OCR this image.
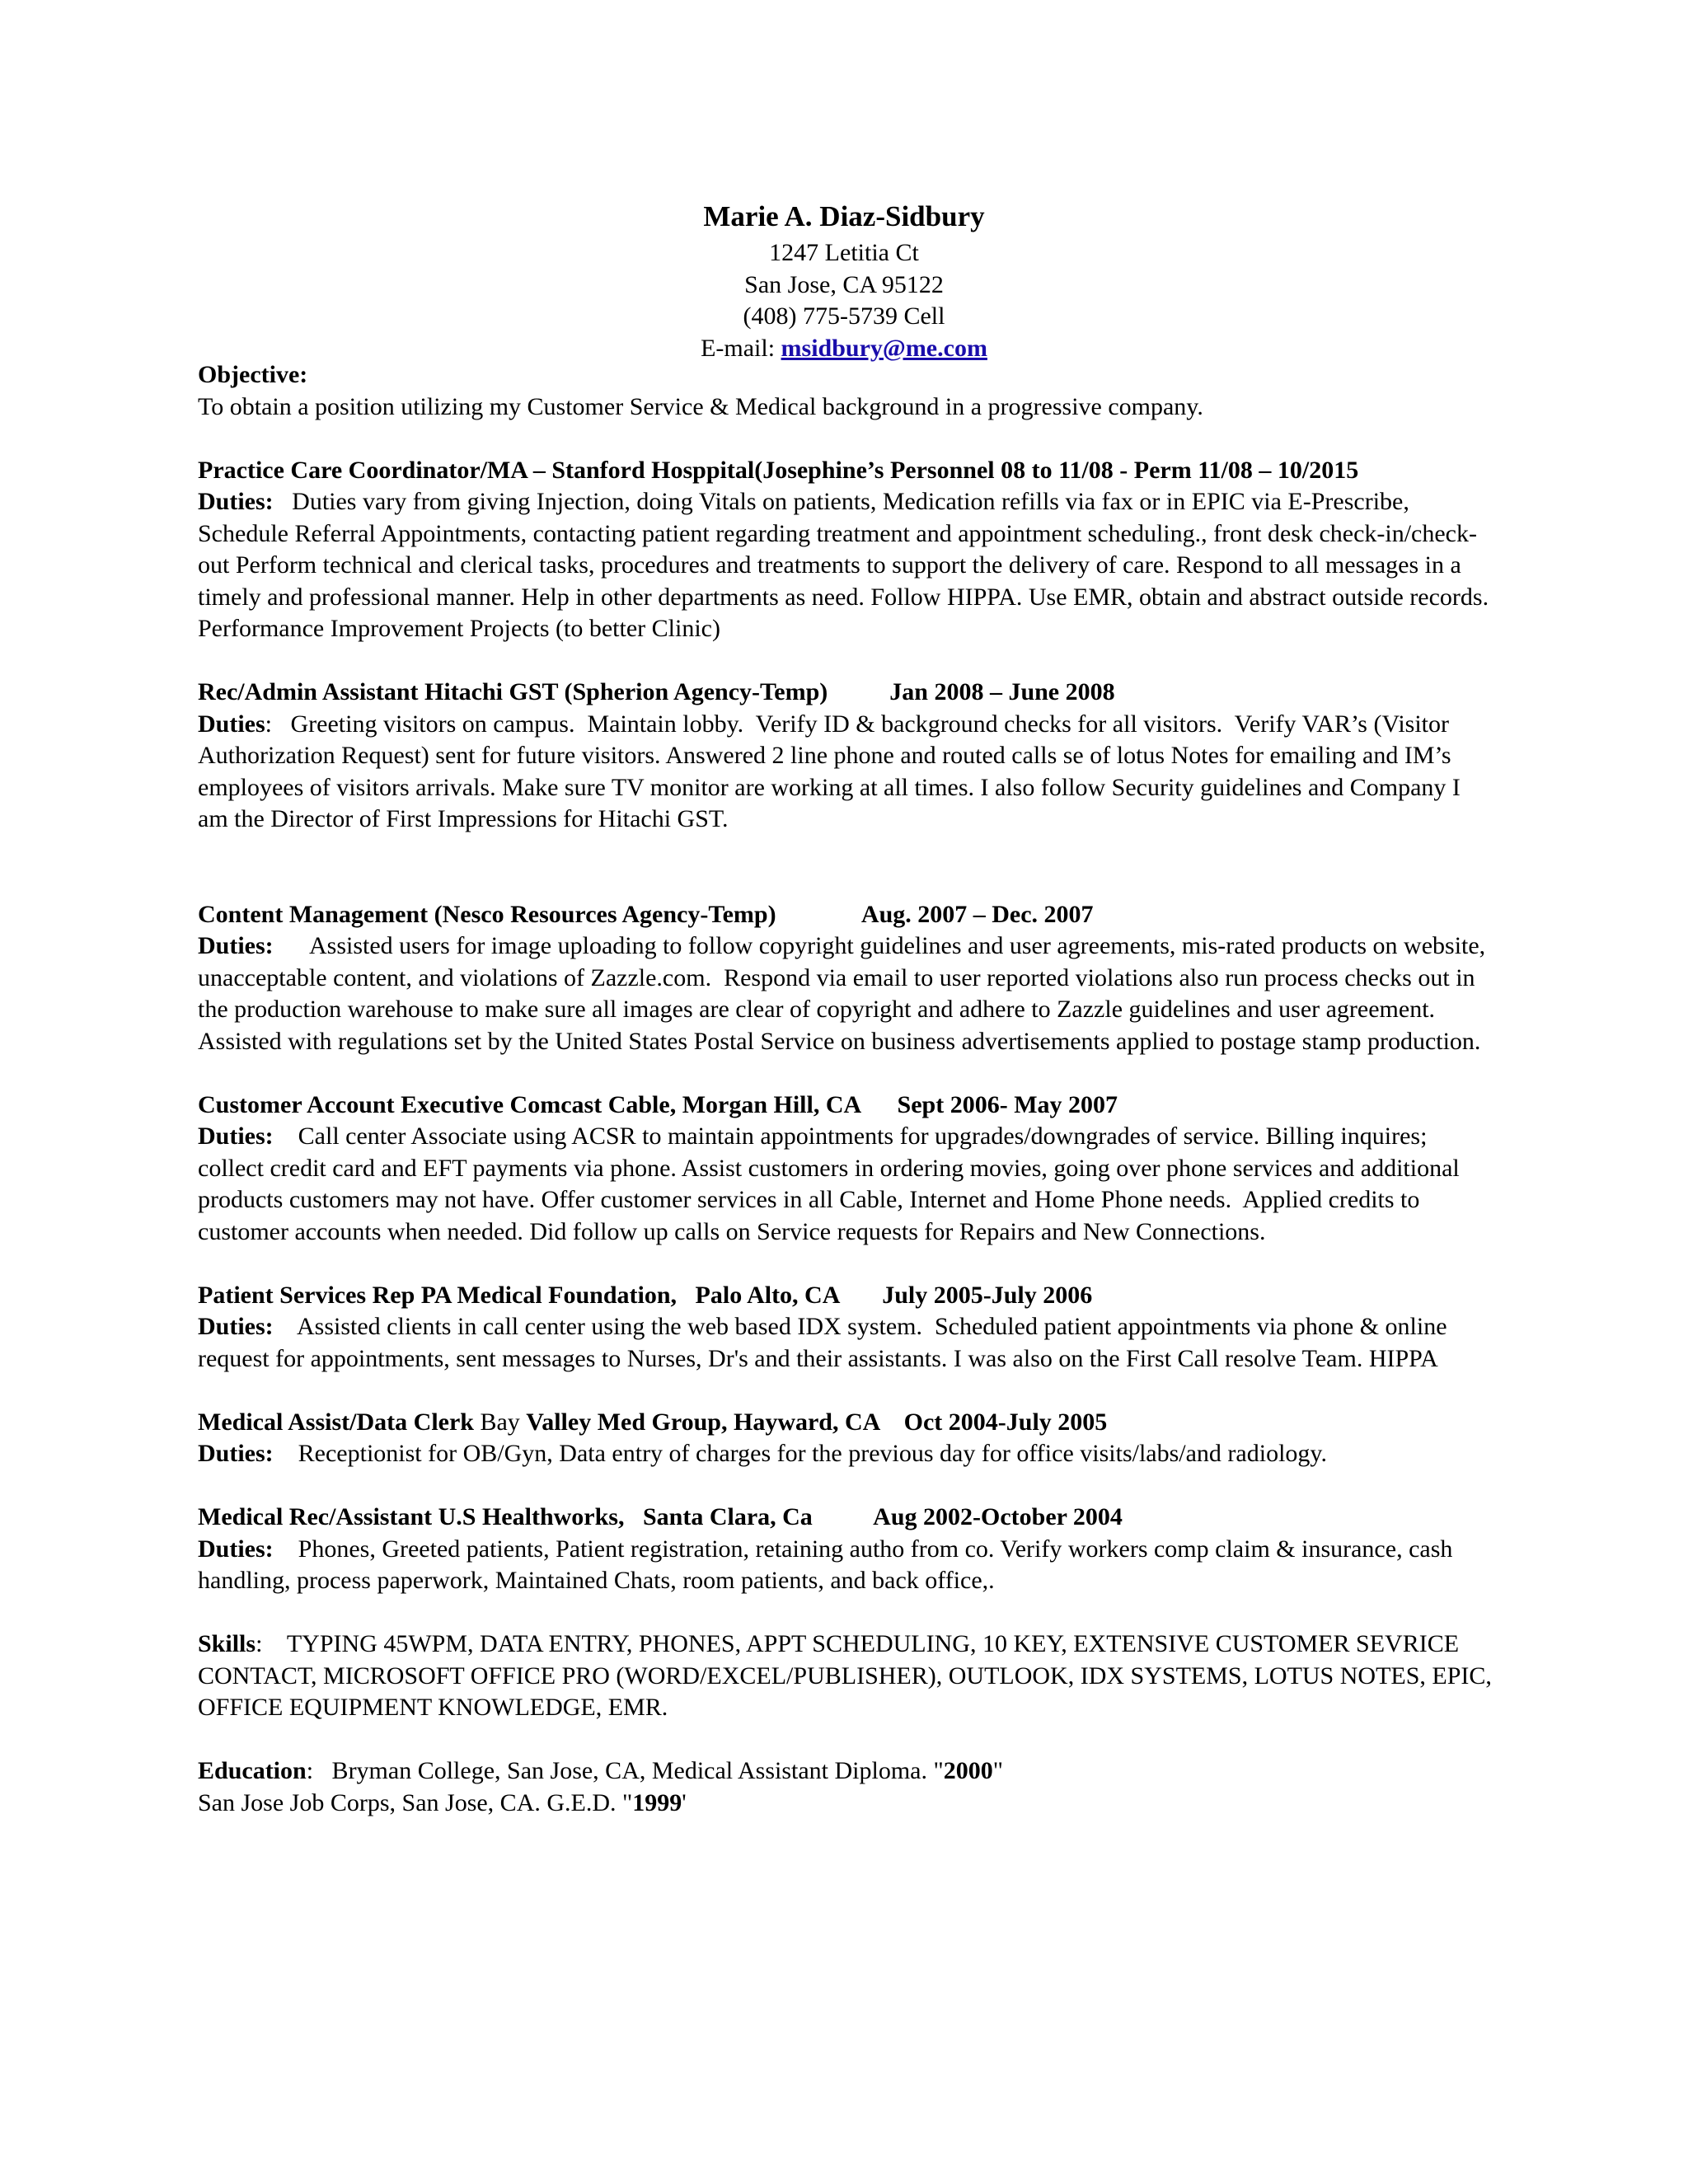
Marie A. Diaz-Sidbury
1247 Letitia Ct
San Jose, CA 95122
(408) 775-5739 Cell
E-mail: msidbury@me.com

Objective:

To obtain a position utilizing my Customer Service & Medical background in a progressive company.

Practice Care Coordinator/MA – Stanford Hosppital(Josephine’s Personnel 08 to 11/08 - Perm 11/08 – 10/2015

Duties:   Duties vary from giving Injection, doing Vitals on patients, Medication refills via fax or in EPIC via E-Prescribe, Schedule Referral Appointments, contacting patient regarding treatment and appointment scheduling., front desk check-in/check-out Perform technical and clerical tasks, procedures and treatments to support the delivery of care. Respond to all messages in a timely and professional manner. Help in other departments as need. Follow HIPPA. Use EMR, obtain and abstract outside records. Performance Improvement Projects (to better Clinic)

Rec/Admin Assistant Hitachi GST (Spherion Agency-Temp)          Jan 2008 – June 2008

Duties:   Greeting visitors on campus.  Maintain lobby.  Verify ID & background checks for all visitors.  Verify VAR’s (Visitor Authorization Request) sent for future visitors. Answered 2 line phone and routed calls se of lotus Notes for emailing and IM’s employees of visitors arrivals. Make sure TV monitor are working at all times. I also follow Security guidelines and Company I am the Director of First Impressions for Hitachi GST.

Content Management (Nesco Resources Agency-Temp)              Aug. 2007 – Dec. 2007

Duties:      Assisted users for image uploading to follow copyright guidelines and user agreements, mis-rated products on website, unacceptable content, and violations of Zazzle.com.  Respond via email to user reported violations also run process checks out in the production warehouse to make sure all images are clear of copyright and adhere to Zazzle guidelines and user agreement.  Assisted with regulations set by the United States Postal Service on business advertisements applied to postage stamp production.

Customer Account Executive Comcast Cable, Morgan Hill, CA      Sept 2006- May 2007

Duties:    Call center Associate using ACSR to maintain appointments for upgrades/downgrades of service. Billing inquires; collect credit card and EFT payments via phone. Assist customers in ordering movies, going over phone services and additional products customers may not have. Offer customer services in all Cable, Internet and Home Phone needs.  Applied credits to customer accounts when needed. Did follow up calls on Service requests for Repairs and New Connections.

Patient Services Rep PA Medical Foundation,   Palo Alto, CA       July 2005-July 2006

Duties:    Assisted clients in call center using the web based IDX system.  Scheduled patient appointments via phone & online request for appointments, sent messages to Nurses, Dr's and their assistants. I was also on the First Call resolve Team. HIPPA

Medical Assist/Data Clerk Bay Valley Med Group, Hayward, CA    Oct 2004-July 2005

Duties:    Receptionist for OB/Gyn, Data entry of charges for the previous day for office visits/labs/and radiology.

Medical Rec/Assistant U.S Healthworks,   Santa Clara, Ca          Aug 2002-October 2004

Duties:    Phones, Greeted patients, Patient registration, retaining autho from co. Verify workers comp claim & insurance, cash handling, process paperwork, Maintained Chats, room patients, and back office,.

Skills:    TYPING 45WPM, DATA ENTRY, PHONES, APPT SCHEDULING, 10 KEY, EXTENSIVE CUSTOMER SEVRICE CONTACT, MICROSOFT OFFICE PRO (WORD/EXCEL/PUBLISHER), OUTLOOK, IDX SYSTEMS, LOTUS NOTES, EPIC, OFFICE EQUIPMENT KNOWLEDGE, EMR.

Education:   Bryman College, San Jose, CA, Medical Assistant Diploma. "2000"

San Jose Job Corps, San Jose, CA. G.E.D. "1999'
